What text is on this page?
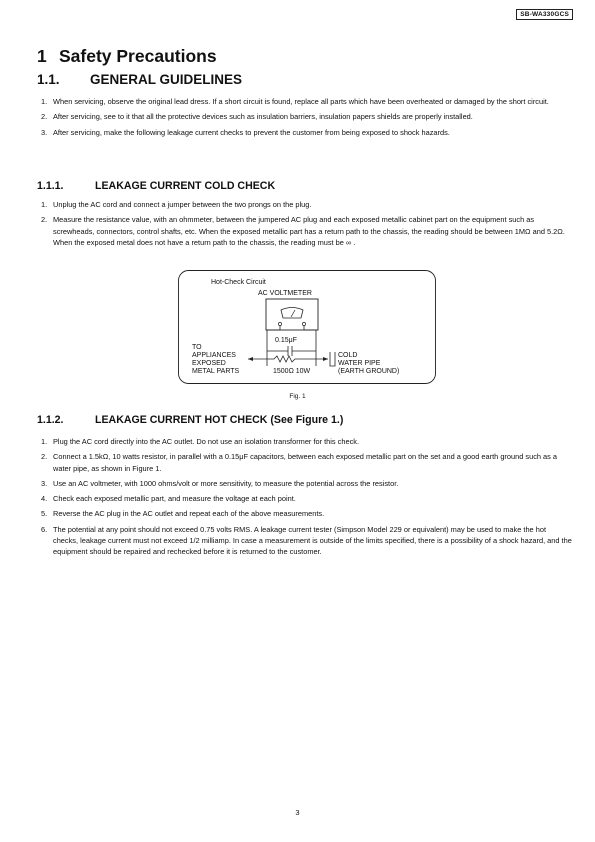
SB-WA330GCS
1 Safety Precautions
1.1. GENERAL GUIDELINES
1. When servicing, observe the original lead dress. If a short circuit is found, replace all parts which have been overheated or damaged by the short circuit.
2. After servicing, see to it that all the protective devices such as insulation barriers, insulation papers shields are properly installed.
3. After servicing, make the following leakage current checks to prevent the customer from being exposed to shock hazards.
1.1.1.	LEAKAGE CURRENT COLD CHECK
1. Unplug the AC cord and connect a jumper between the two prongs on the plug.
2. Measure the resistance value, with an ohmmeter, between the jumpered AC plug and each exposed metallic cabinet part on the equipment such as screwheads, connectors, control shafts, etc. When the exposed metallic part has a return path to the chassis, the reading should be between 1MΩ and 5.2Ω.
When the exposed metal does not have a return path to the chassis, the reading must be ∞ .
Hot-Check Circuit
AC VOLTMETER
0.15μF
TO
APPLIANCES
EXPOSED
METAL PARTS	1500Ω 10W
COLD
WATER PIPE
(EARTH GROUND)
Fig. 1
1.1.2.	LEAKAGE CURRENT HOT CHECK (See Figure 1.)
1. Plug the AC cord directly into the AC outlet. Do not use an isolation transformer for this check.
2. Connect a 1.5kΩ, 10 watts resistor, in parallel with a 0.15μF capacitors, between each exposed metallic part on the set and a good earth ground such as a water pipe, as shown in Figure 1.
3. Use an AC voltmeter, with 1000 ohms/volt or more sensitivity, to measure the potential across the resistor.
4. Check each exposed metallic part, and measure the voltage at each point.
5. Reverse the AC plug in the AC outlet and repeat each of the above measurements.
6. The potential at any point should not exceed 0.75 volts RMS. A leakage current tester (Simpson Model 229 or equivalent) may be used to make the hot checks, leakage current must not exceed 1/2 milliamp. In case a measurement is outside of the limits specified, there is a possibility of a shock hazard, and the equipment should be repaired and rechecked before it is returned to the customer.
3
